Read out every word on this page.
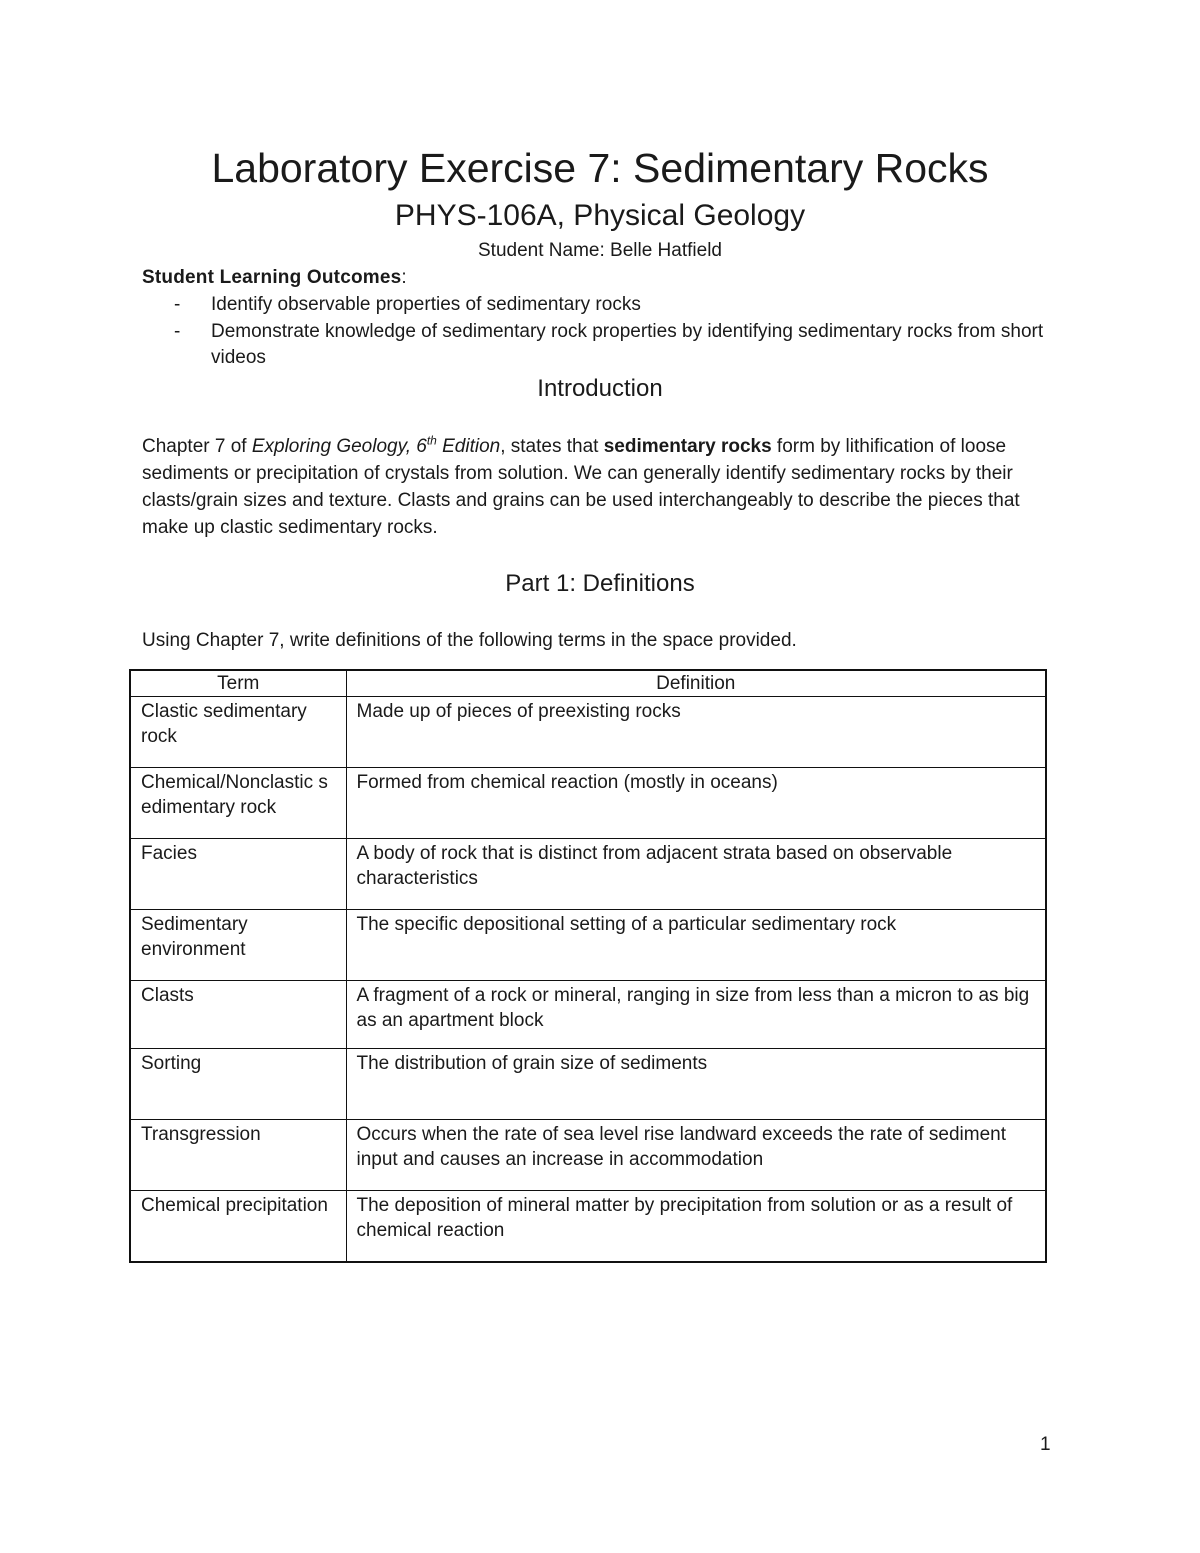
Laboratory Exercise 7: Sedimentary Rocks
PHYS-106A, Physical Geology
Student Name: Belle Hatfield
Student Learning Outcomes:
- Identify observable properties of sedimentary rocks
- Demonstrate knowledge of sedimentary rock properties by identifying sedimentary rocks from short videos
Introduction

Chapter 7 of Exploring Geology, 6th Edition, states that sedimentary rocks form by lithification of loose sediments or precipitation of crystals from solution. We can generally identify sedimentary rocks by their clasts/grain sizes and texture. Clasts and grains can be used interchangeably to describe the pieces that make up clastic sedimentary rocks.

Part 1: Definitions

Using Chapter 7, write definitions of the following terms in the space provided.

Term	Definition
Clastic sedimentary rock	Made up of pieces of preexisting rocks
Chemical/Nonclastic sedimentary rock	Formed from chemical reaction (mostly in oceans)
Facies	A body of rock that is distinct from adjacent strata based on observable characteristics
Sedimentary environment	The specific depositional setting of a particular sedimentary rock
Clasts	A fragment of a rock or mineral, ranging in size from less than a micron to as big as an apartment block
Sorting	The distribution of grain size of sediments
Transgression	Occurs when the rate of sea level rise landward exceeds the rate of sediment input and causes an increase in accommodation
Chemical precipitation	The deposition of mineral matter by precipitation from solution or as a result of chemical reaction
1
